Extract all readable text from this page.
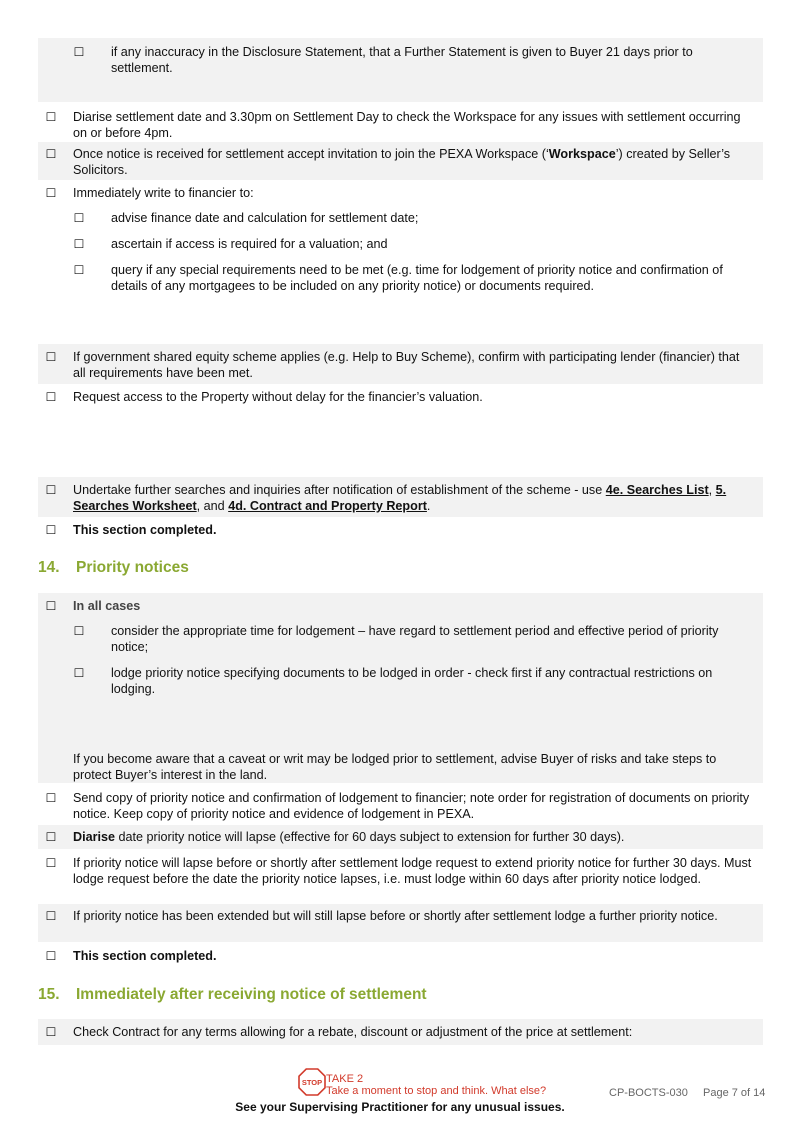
☐ if any inaccuracy in the Disclosure Statement, that a Further Statement is given to Buyer 21 days prior to settlement.
☐ Diarise settlement date and 3.30pm on Settlement Day to check the Workspace for any issues with settlement occurring on or before 4pm.
☐ Once notice is received for settlement accept invitation to join the PEXA Workspace (‘Workspace’) created by Seller’s Solicitors.
☐ Immediately write to financier to:
☐ advise finance date and calculation for settlement date;
☐ ascertain if access is required for a valuation; and
☐ query if any special requirements need to be met (e.g. time for lodgement of priority notice and confirmation of details of any mortgagees to be included on any priority notice) or documents required.
☐ If government shared equity scheme applies (e.g. Help to Buy Scheme), confirm with participating lender (financier) that all requirements have been met.
☐ Request access to the Property without delay for the financier’s valuation.
☐ Undertake further searches and inquiries after notification of establishment of the scheme - use 4e. Searches List, 5. Searches Worksheet, and 4d. Contract and Property Report.
☐ This section completed.
14. Priority notices
☐ In all cases
☐ consider the appropriate time for lodgement – have regard to settlement period and effective period of priority notice;
☐ lodge priority notice specifying documents to be lodged in order - check first if any contractual restrictions on lodging.
If you become aware that a caveat or writ may be lodged prior to settlement, advise Buyer of risks and take steps to protect Buyer’s interest in the land.
☐ Send copy of priority notice and confirmation of lodgement to financier; note order for registration of documents on priority notice. Keep copy of priority notice and evidence of lodgement in PEXA.
☐ Diarise date priority notice will lapse (effective for 60 days subject to extension for further 30 days).
☐ If priority notice will lapse before or shortly after settlement lodge request to extend priority notice for further 30 days. Must lodge request before the date the priority notice lapses, i.e. must lodge within 60 days after priority notice lodged.
☐ If priority notice has been extended but will still lapse before or shortly after settlement lodge a further priority notice.
☐ This section completed.
15. Immediately after receiving notice of settlement
☐ Check Contract for any terms allowing for a rebate, discount or adjustment of the price at settlement:
STOP TAKE 2
Take a moment to stop and think. What else?	CP-BOCTS-030 Page 7 of 14
See your Supervising Practitioner for any unusual issues.
